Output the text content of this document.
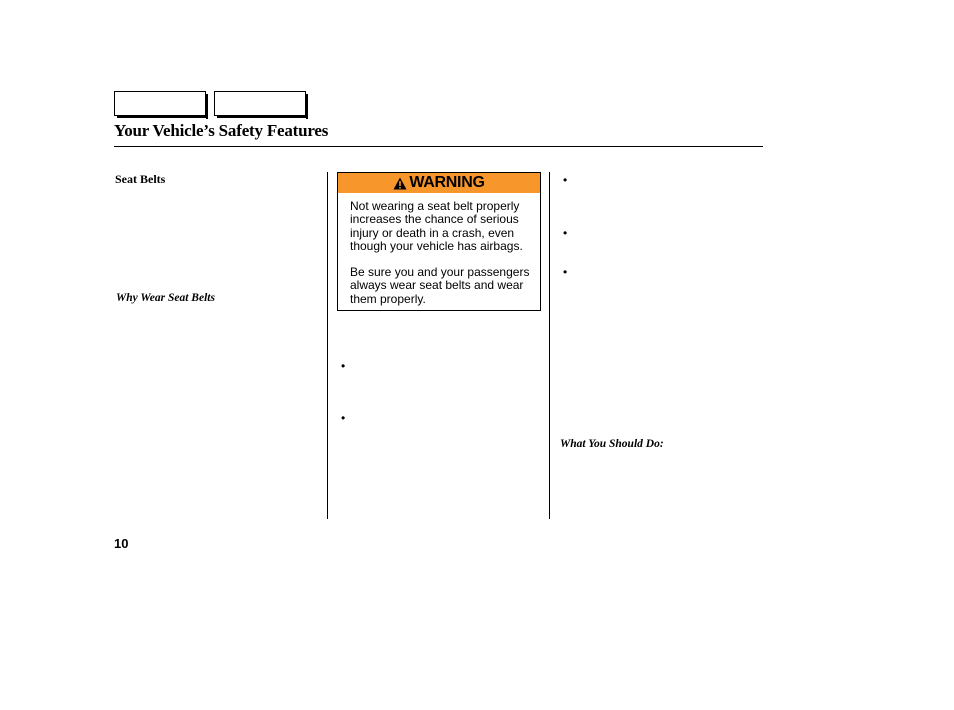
Your Vehicle’s Safety Features
Seat Belts
Why Wear Seat Belts
WARNING
Not wearing a seat belt properly increases the chance of serious injury or death in a crash, even though your vehicle has airbags.
Be sure you and your passengers always wear seat belts and wear them properly.
•
•
•
•
•
What You Should Do:
10
